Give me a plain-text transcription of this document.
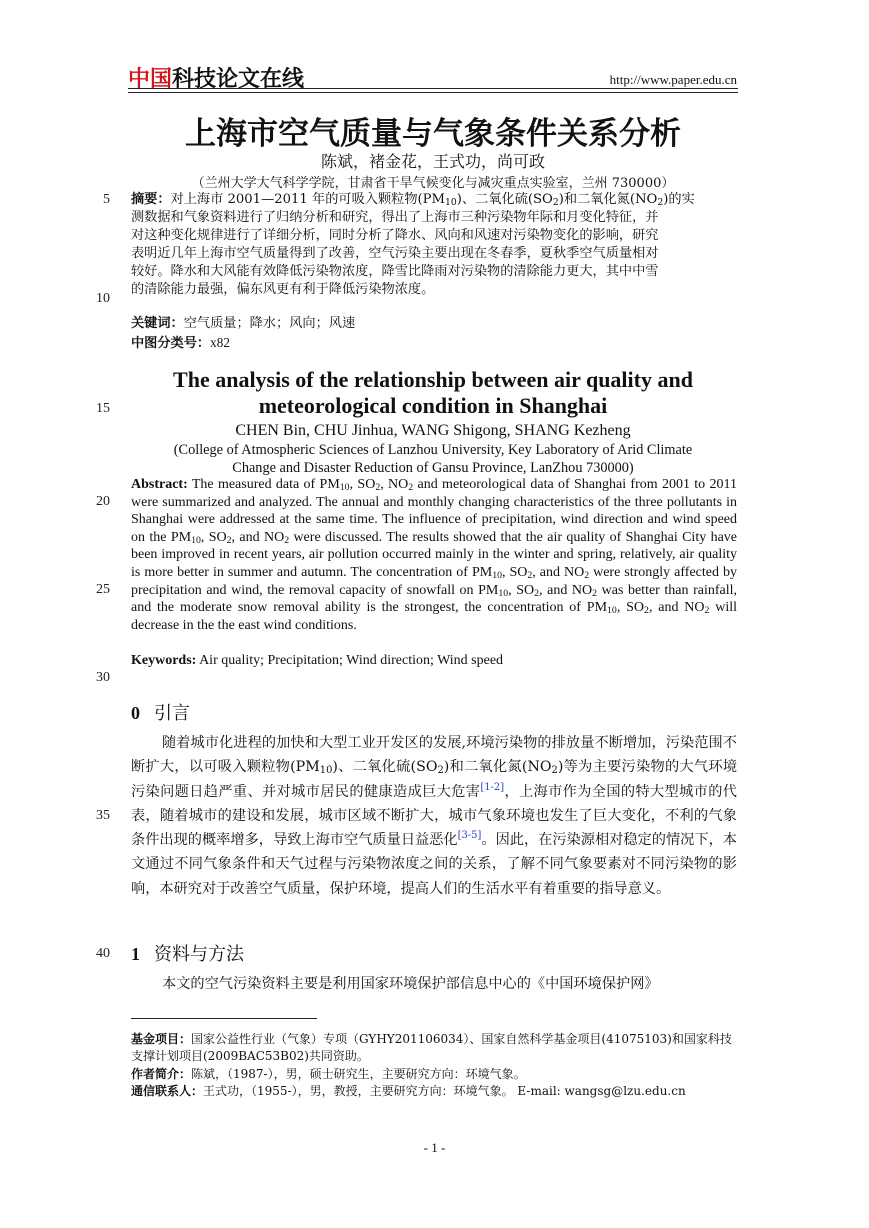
中国科技论文在线	http://www.paper.edu.cn
上海市空气质量与气象条件关系分析
陈斌，褚金花，王式功，尚可政
（兰州大学大气科学学院，甘肃省干旱气候变化与减灾重点实验室，兰州 730000）
5
10
15
20
25
30
35
40
摘要：对上海市 2001—2011 年的可吸入颗粒物$(PM_{10})$、二氧化硫$(SO_2)$和二氧化氮$(NO_2)$的实
测数据和气象资料进行了归纳分析和研究，得出了上海市三种污染物年际和月变化特征，并
对这种变化规律进行了详细分析，同时分析了降水、风向和风速对污染物变化的影响，研究
表明近几年上海市空气质量得到了改善，空气污染主要出现在冬春季，夏秋季空气质量相对
较好。降水和大风能有效降低污染物浓度，降雪比降雨对污染物的清除能力更大，其中中雪
的清除能力最强，偏东风更有利于降低污染物浓度。
关键词：空气质量；降水；风向；风速
中图分类号：x82
The analysis of the relationship between air quality and
meteorological condition in Shanghai
CHEN Bin, CHU Jinhua, WANG Shigong, SHANG Kezheng
(College of Atmospheric Sciences of Lanzhou University, Key Laboratory of Arid Climate
Change and Disaster Reduction of Gansu Province, LanZhou 730000)
Abstract: The measured data of $PM_{10}$, $SO_2$, $NO_2$ and meteorological data of Shanghai from 2001 to 2011 were summarized and analyzed. The annual and monthly changing characteristics of the three pollutants in Shanghai were addressed at the same time. The influence of precipitation, wind direction and wind speed on the $PM_{10}$, $SO_2$, and $NO_2$ were discussed. The results showed that the air quality of Shanghai City have been improved in recent years, air pollution occurred mainly in the winter and spring, relatively, air quality is more better in summer and autumn. The concentration of $PM_{10}$, $SO_2$, and $NO_2$ were strongly affected by precipitation and wind, the removal capacity of snowfall on $PM_{10}$, $SO_2$, and $NO_2$ was better than rainfall, and the moderate snow removal ability is the strongest, the concentration of $PM_{10}$, $SO_2$, and $NO_2$ will decrease in the the east wind conditions.
Keywords: Air quality; Precipitation; Wind direction; Wind speed
0 引言
随着城市化进程的加快和大型工业开发区的发展,环境污染物的排放量不断增加，污染范围不断扩大，以可吸入颗粒物$(PM_{10})$、二氧化硫$(SO_2)$和二氧化氮$(NO_2)$等为主要污染物的大气环境污染问题日趋严重、并对城市居民的健康造成巨大危害[1-2]，上海市作为全国的特大型城市的代表，随着城市的建设和发展，城市区域不断扩大，城市气象环境也发生了巨大变化，不利的气象条件出现的概率增多，导致上海市空气质量日益恶化[3-5]。因此，在污染源相对稳定的情况下，本文通过不同气象条件和天气过程与污染物浓度之间的关系，了解不同气象要素对不同污染物的影响，本研究对于改善空气质量，保护环境，提高人们的生活水平有着重要的指导意义。
1 资料与方法
本文的空气污染资料主要是利用国家环境保护部信息中心的《中国环境保护网》
基金项目：国家公益性行业（气象）专项（GYHY201106034）、国家自然科学基金项目(41075103)和国家科技支撑计划项目(2009BAC53B02)共同资助。
作者简介：陈斌，（1987-），男，硕士研究生，主要研究方向：环境气象。
通信联系人：王式功，（1955-），男，教授，主要研究方向：环境气象。 E-mail: wangsg@lzu.edu.cn
- 1 -
